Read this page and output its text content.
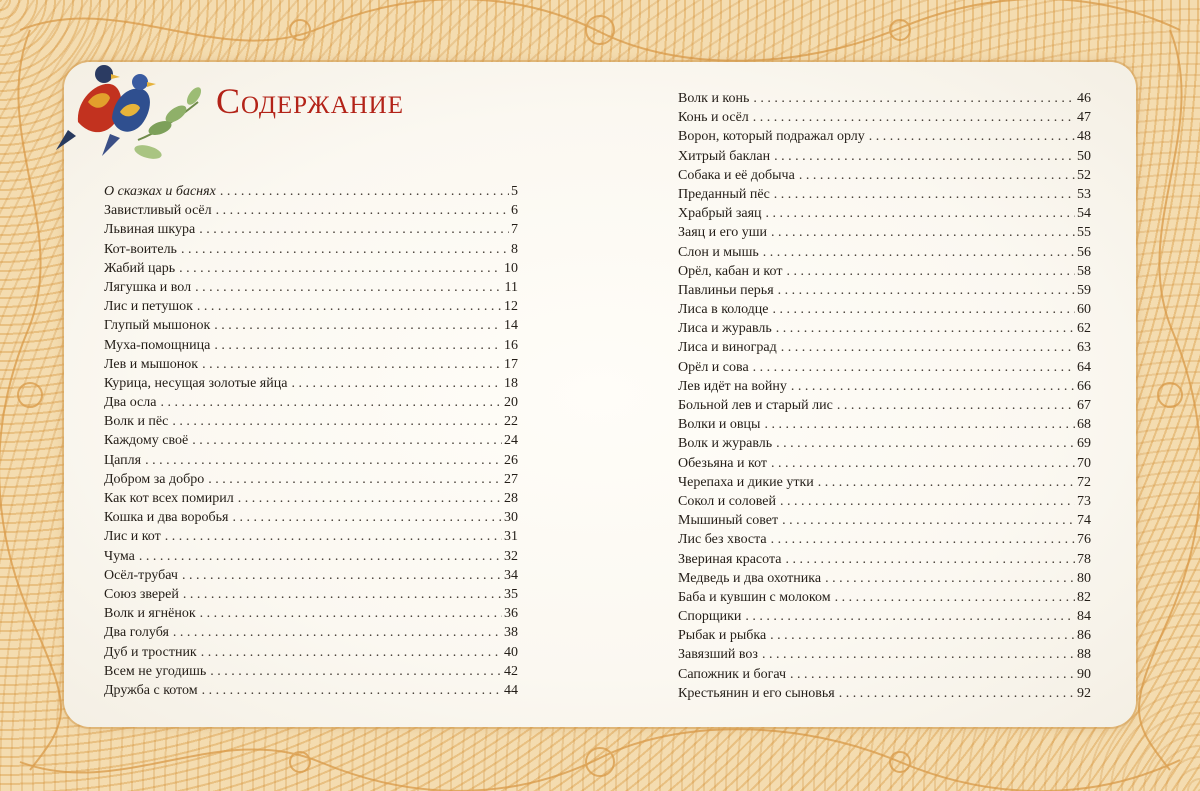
Содержание
О сказках и баснях . . .	5
Завистливый осёл . . .	6
Львиная шкура . . .	7
Кот-воитель . . .	8
Жабий царь . . .	10
Лягушка и вол . . .	11
Лис и петушок . . .	12
Глупый мышонок . . .	14
Муха-помощница . . .	16
Лев и мышонок . . .	17
Курица, несущая золотые яйца . . .	18
Два осла . . .	20
Волк и пёс . . .	22
Каждому своё . . .	24
Цапля . . .	26
Добром за добро . . .	27
Как кот всех помирил . . .	28
Кошка и два воробья . . .	30
Лис и кот . . .	31
Чума . . .	32
Осёл-трубач . . .	34
Союз зверей . . .	35
Волк и ягнёнок . . .	36
Два голубя . . .	38
Дуб и тростник . . .	40
Всем не угодишь . . .	42
Дружба с котом . . .	44
Волк и конь . . .	46
Конь и осёл . . .	47
Ворон, который подражал орлу . . .	48
Хитрый баклан . . .	50
Собака и её добыча . . .	52
Преданный пёс . . .	53
Храбрый заяц . . .	54
Заяц и его уши . . .	55
Слон и мышь . . .	56
Орёл, кабан и кот . . .	58
Павлиньи перья . . .	59
Лиса в колодце . . .	60
Лиса и журавль . . .	62
Лиса и виноград . . .	63
Орёл и сова . . .	64
Лев идёт на войну . . .	66
Больной лев и старый лис . . .	67
Волки и овцы . . .	68
Волк и журавль . . .	69
Обезьяна и кот . . .	70
Черепаха и дикие утки . . .	72
Сокол и соловей . . .	73
Мышиный совет . . .	74
Лис без хвоста . . .	76
Звериная красота . . .	78
Медведь и два охотника . . .	80
Баба и кувшин с молоком . . .	82
Спорщики . . .	84
Рыбак и рыбка . . .	86
Завязший воз . . .	88
Сапожник и богач . . .	90
Крестьянин и его сыновья . . .	92
